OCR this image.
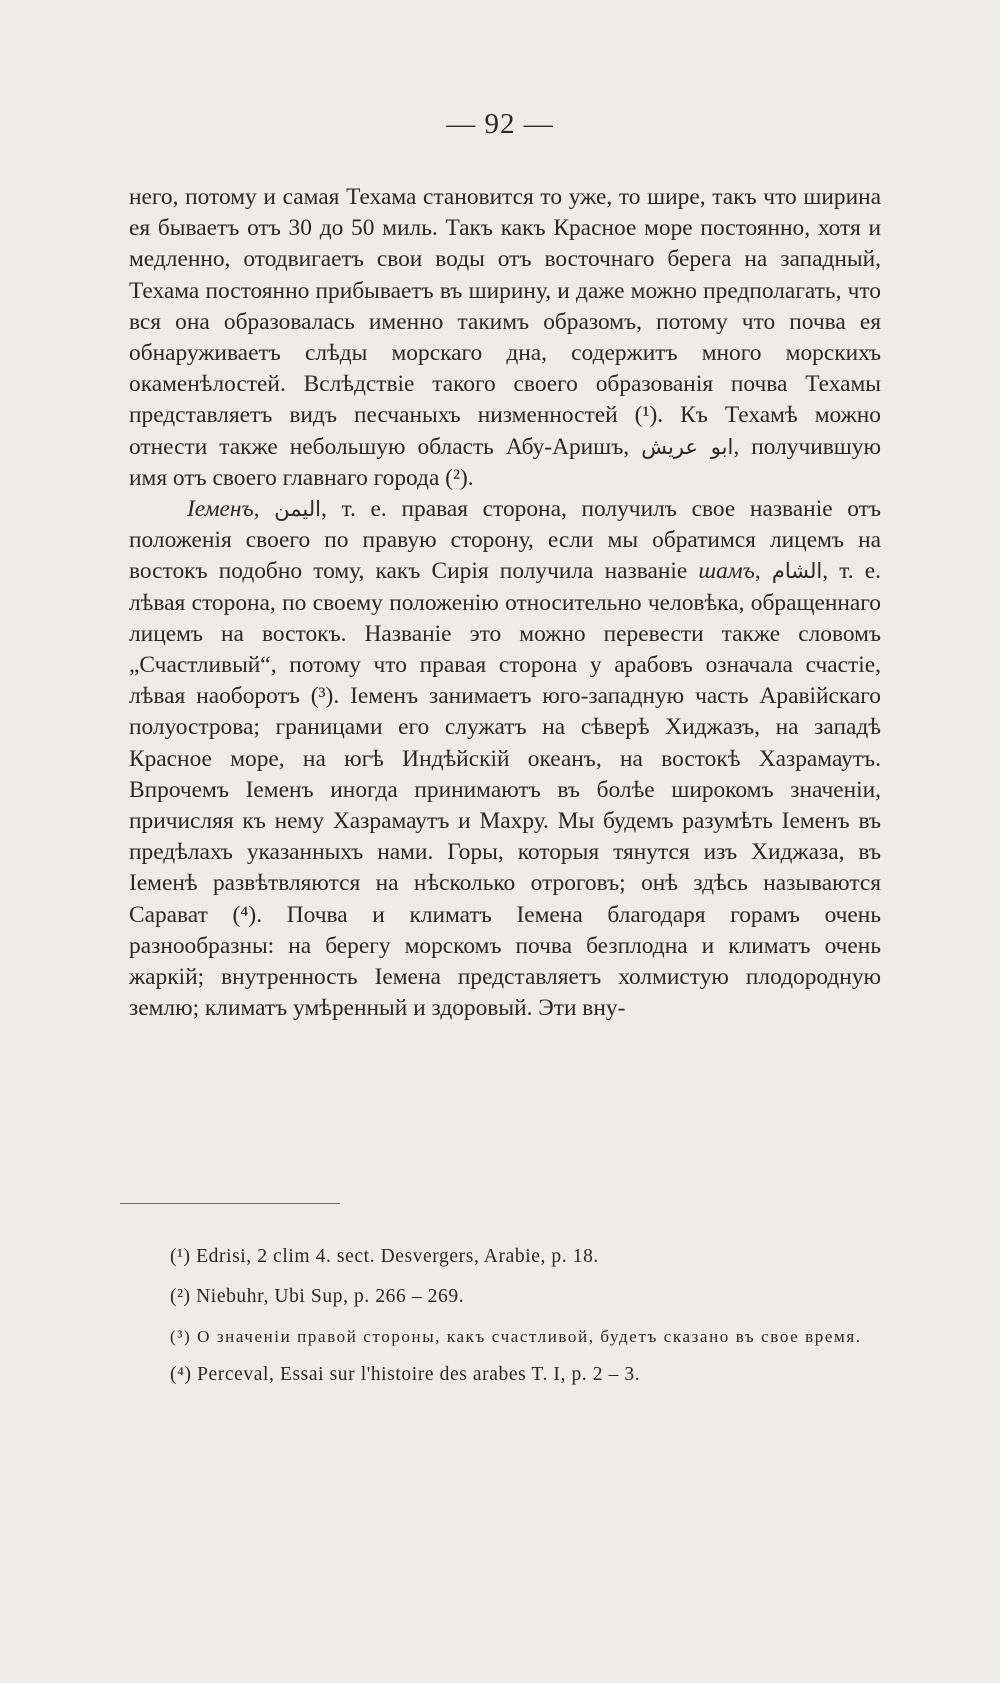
— 92 —

него, потому и самая Техама становится то уже, то шире, такъ что ширина ея бываетъ отъ 30 до 50 миль. Такъ какъ Красное море постоянно, хотя и медленно, отодвигаетъ свои воды отъ восточнаго берега на западный, Техама постоянно прибываетъ въ ширину, и даже можно предполагать, что вся она образовалась именно такимъ образомъ, потому что почва ея обнаруживаетъ слѣды морскаго дна, содержитъ много морскихъ окаменѣлостей. Вслѣдствіе такого своего образованія почва Техамы представляетъ видъ песчаныхъ низменностей (¹). Къ Техамѣ можно отнести также небольшую область Абу-Аришъ, ابو عريش, получившую имя отъ своего главнаго города (²).

Іеменъ, اليمن, т. е. правая сторона, получилъ свое названіе отъ положенія своего по правую сторону, если мы обратимся лицемъ на востокъ подобно тому, какъ Сирія получила названіе шамъ, الشام, т. е. лѣвая сторона, по своему положенію относительно человѣка, обращеннаго лицемъ на востокъ. Названіе это можно перевести также словомъ „Счастливый“, потому что правая сторона у арабовъ означала счастіе, лѣвая наоборотъ (³). Іеменъ занимаетъ юго-западную часть Аравійскаго полуострова; границами его служатъ на сѣверѣ Хиджазъ, на западѣ Красное море, на югѣ Индѣйскій океанъ, на востокѣ Хазрамаутъ. Впрочемъ Іеменъ иногда принимаютъ въ болѣе широкомъ значеніи, причисляя къ нему Хазрамаутъ и Махру. Мы будемъ разумѣть Іеменъ въ предѣлахъ указанныхъ нами. Горы, которыя тянутся изъ Хиджаза, въ Іеменѣ развѣтвляются на нѣсколько отроговъ; онѣ здѣсь называются Сарават (⁴). Почва и климатъ Іемена благодаря горамъ очень разнообразны: на берегу морскомъ почва безплодна и климатъ очень жаркій; внутренность Іемена представляетъ холмистую плодородную землю; климатъ умѣренный и здоровый. Эти вну-

(¹) Edrisi, 2 clim 4. sect. Desvergers, Arabie, p. 18.

(²) Niebuhr, Ubi Sup, p. 266 – 269.

(³) О значеніи правой стороны, какъ счастливой, будетъ сказано въ свое время.

(⁴) Perceval, Essai sur l'histoire des arabes T. I, p. 2 – 3.
